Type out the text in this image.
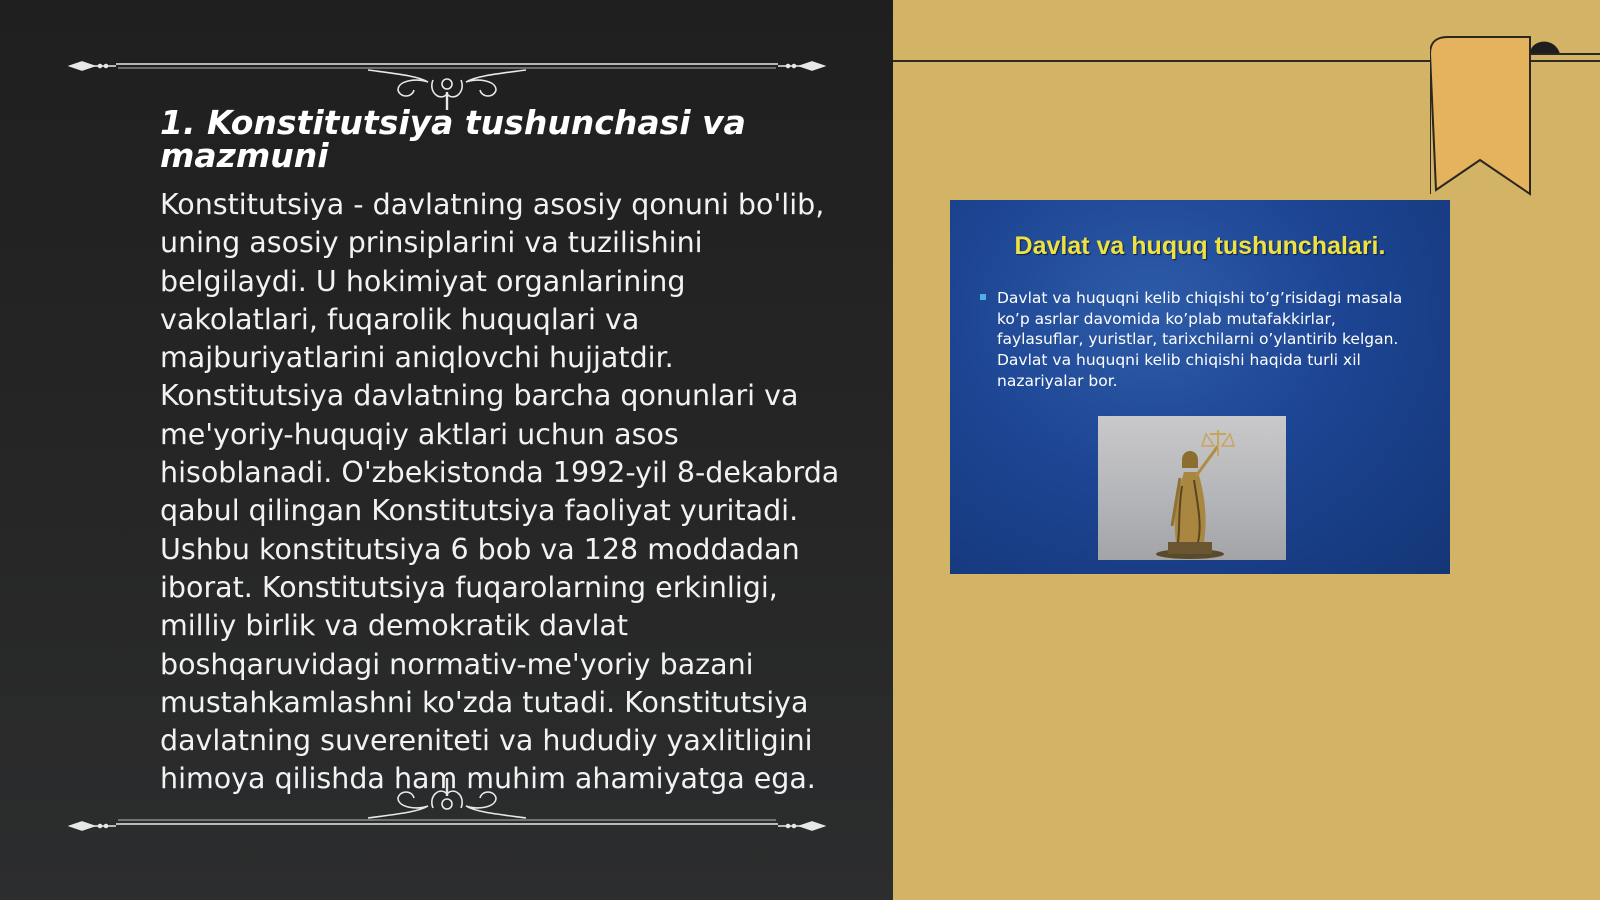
1. Konstitutsiya tushunchasi va mazmuni

Konstitutsiya - davlatning asosiy qonuni bo'lib, uning asosiy prinsiplarini va tuzilishini belgilaydi. U hokimiyat organlarining vakolatlari, fuqarolik huquqlari va majburiyatlarini aniqlovchi hujjatdir. Konstitutsiya davlatning barcha qonunlari va me'yoriy-huquqiy aktlari uchun asos hisoblanadi. O'zbekistonda 1992-yil 8-dekabrda qabul qilingan Konstitutsiya faoliyat yuritadi. Ushbu konstitutsiya 6 bob va 128 moddadan iborat. Konstitutsiya fuqarolarning erkinligi, milliy birlik va demokratik davlat boshqaruvidagi normativ-me'yoriy bazani mustahkamlashni ko'zda tutadi. Konstitutsiya davlatning suvereniteti va hududiy yaxlitligini himoya qilishda ham muhim ahamiyatga ega.

Davlat va huquq tushunchalari.
Davlat va huquqni kelib chiqishi to’g’risidagi masala ko’p asrlar davomida ko’plab mutafakkirlar, faylasuflar, yuristlar, tarixchilarni o’ylantirib kelgan. Davlat va huquqni kelib chiqishi haqida turli xil nazariyalar bor.
